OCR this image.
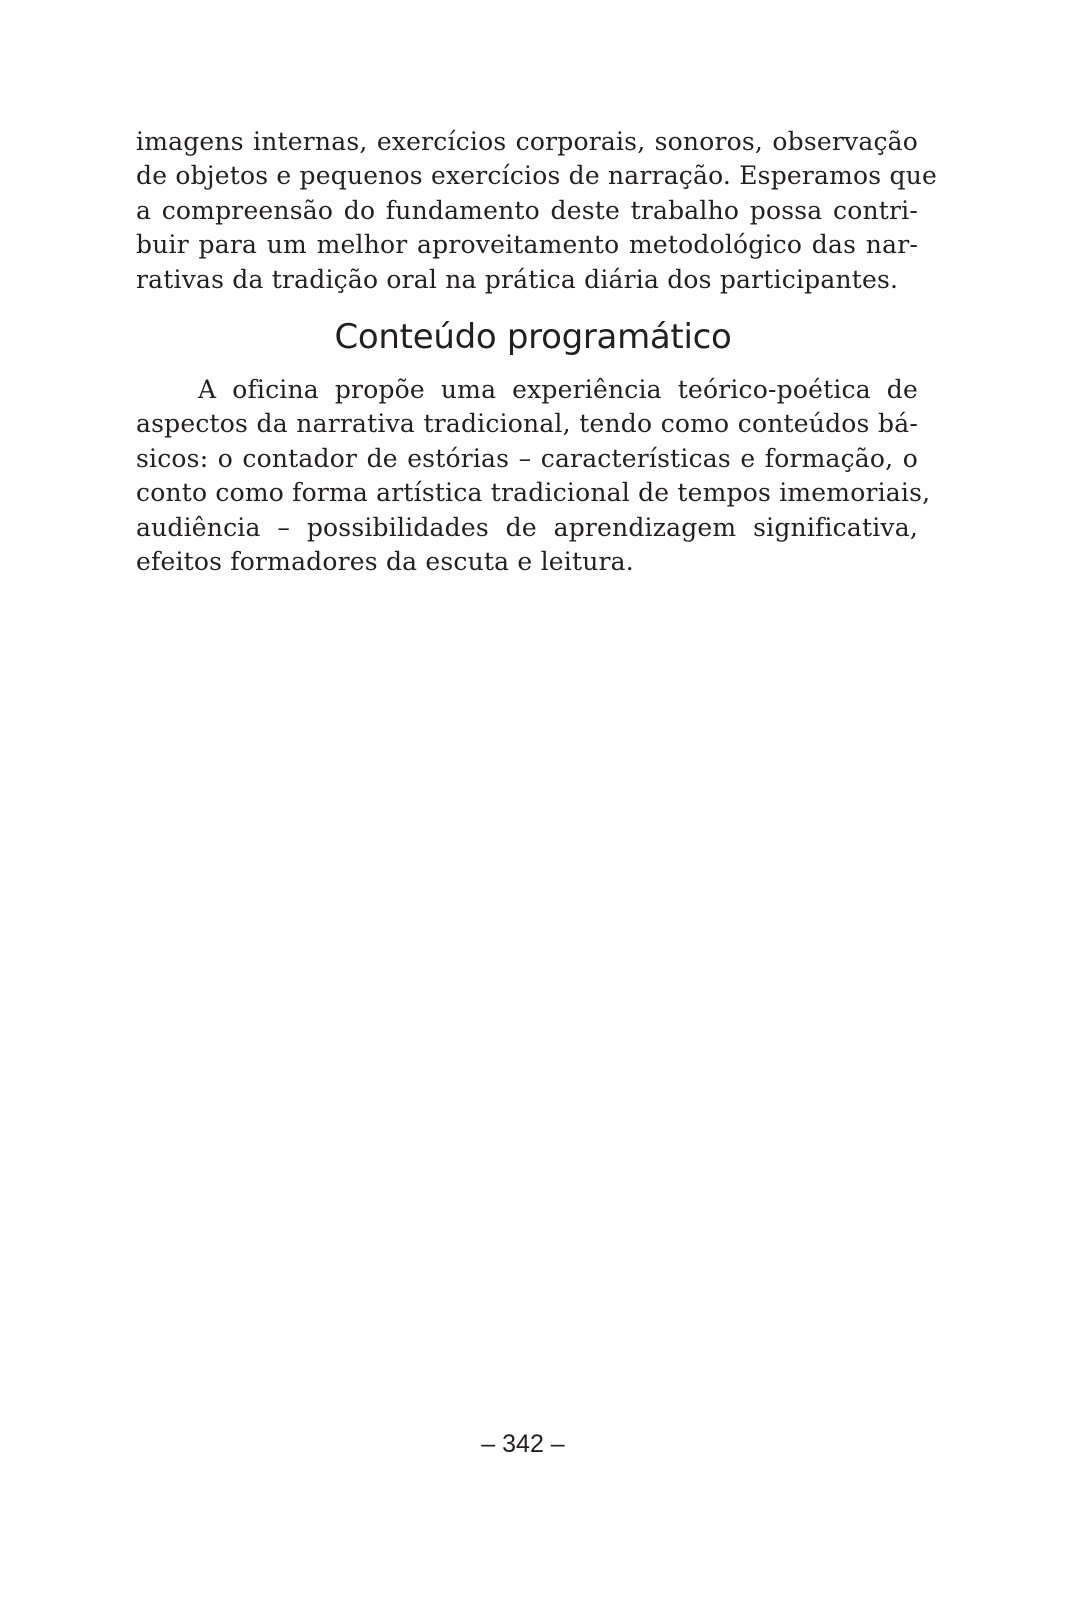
imagens internas, exercícios corporais, sonoros, observação
de objetos e pequenos exercícios de narração. Esperamos que
a compreensão do fundamento deste trabalho possa contri-
buir para um melhor aproveitamento metodológico das nar-
rativas da tradição oral na prática diária dos participantes.
Conteúdo programático
A oficina propõe uma experiência teórico-poética de
aspectos da narrativa tradicional, tendo como conteúdos bá-
sicos: o contador de estórias – características e formação, o
conto como forma artística tradicional de tempos imemoriais,
audiência – possibilidades de aprendizagem significativa,
efeitos formadores da escuta e leitura.
– 342 –
